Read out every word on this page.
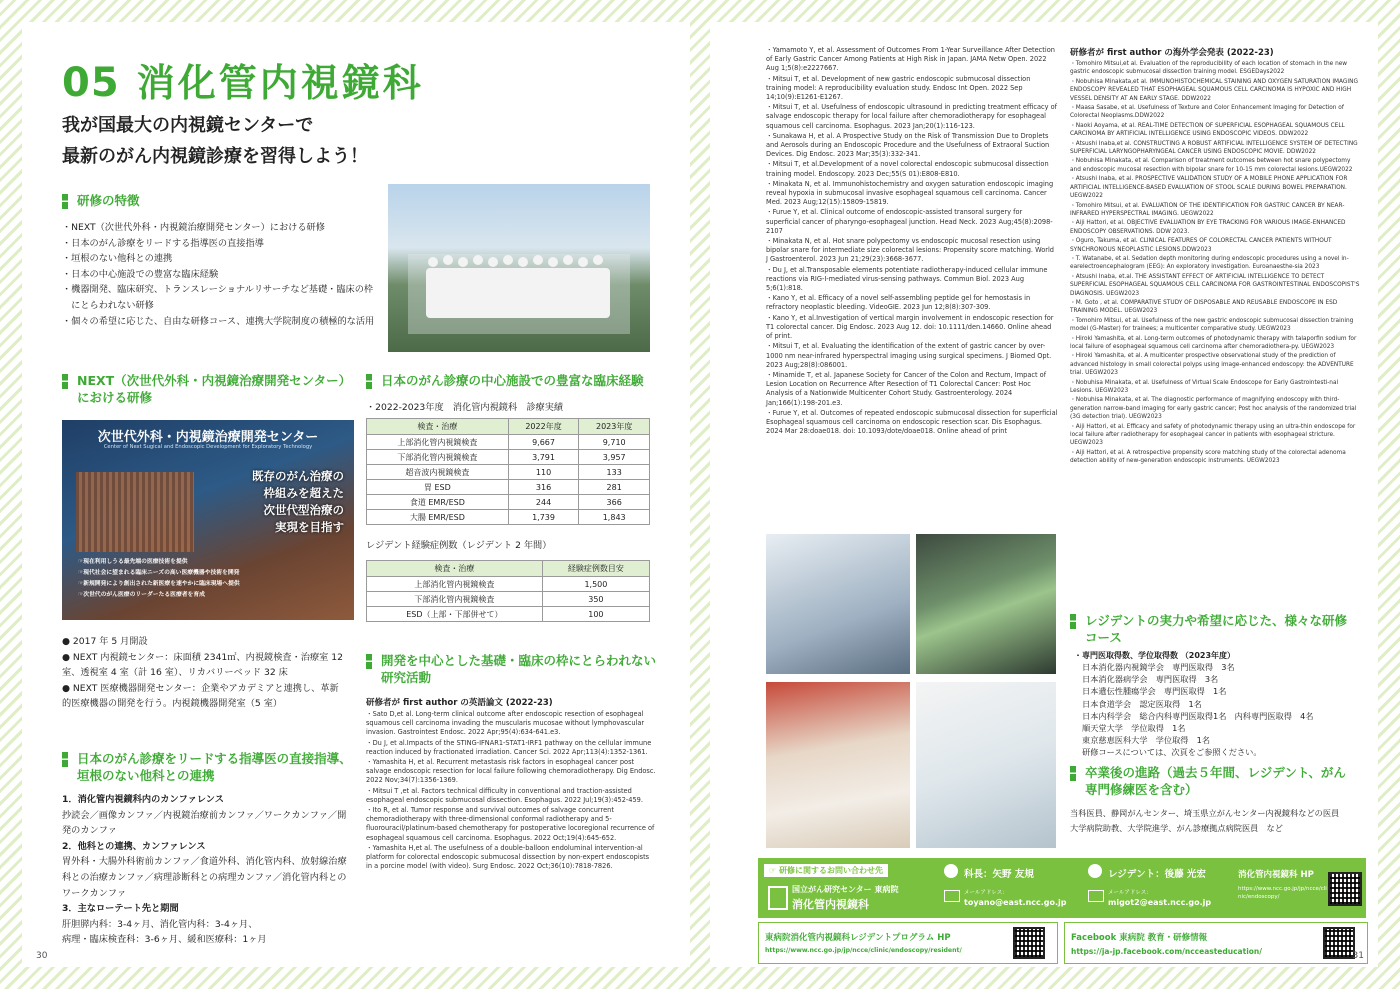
05 消化管内視鏡科
我が国最大の内視鏡センターで
最新のがん内視鏡診療を習得しよう！
研修の特徴
・NEXT（次世代外科・内視鏡治療開発センター）における研修
・日本のがん診療をリードする指導医の直接指導
・垣根のない他科との連携
・日本の中心施設での豊富な臨床経験
・機器開発、臨床研究、トランスレーショナルリサーチなど基礎・臨床の枠
　にとらわれない研修
・個々の希望に応じた、自由な研修コース、連携大学院制度の積極的な活用
NEXT（次世代外科・内視鏡治療開発センター）
における研修
次世代外科・内視鏡治療開発センター
Center of Next Sugical and Endoscopic Development for Exploratory Technology
既存のがん治療の
枠組みを超えた
次世代型治療の
実現を目指す
☞現在利用しうる最先端の医療技術を提供
☞現代社会に望まれる臨床ニーズの高い医療機器や技術を開発
☞新規開発により創出された新医療を速やかに臨床現場へ提供
☞次世代のがん医療のリーダーたる医療者を育成
● 2017 年 5 月開設
● NEXT 内視鏡センター：床面積 2341㎡、内視鏡検査・治療室 12
室、透視室 4 室（計 16 室）、リカバリーベッド 32 床
● NEXT 医療機器開発センター：企業やアカデミアと連携し、革新
的医療機器の開発を行う。内視鏡機器開発室（5 室）
日本のがん診療をリードする指導医の直接指導、
垣根のない他科との連携
1．消化管内視鏡科内のカンファレンス
抄読会／画像カンファ／内視鏡治療前カンファ／ワークカンファ／開
発のカンファ
2．他科との連携、カンファレンス
胃外科・大腸外科術前カンファ／食道外科、消化管内科、放射線治療
科との治療カンファ／病理診断科との病理カンファ／消化管内科との
ワークカンファ
3．主なローテート先と期間
肝胆膵内科：3-4ヶ月、消化管内科：3-4ヶ月、
病理・臨床検査科：3-6ヶ月、緩和医療科：1ヶ月
日本のがん診療の中心施設での豊富な臨床経験
・2022-2023年度　消化管内視鏡科　診療実績
検査・治療	2022年度	2023年度
上部消化管内視鏡検査	9,667	9,710
下部消化管内視鏡検査	3,791	3,957
超音波内視鏡検査	110	133
胃 ESD	316	281
食道 EMR/ESD	244	366
大腸 EMR/ESD	1,739	1,843
レジデント経験症例数（レジデント 2 年間）
検査・治療	経験症例数目安
上部消化管内視鏡検査	1,500
下部消化管内視鏡検査	350
ESD（上部・下部併せて）	100
開発を中心とした基礎・臨床の枠にとらわれない
研究活動
研修者が first author の英語論文 (2022-23)
・Sato D,et al. Long-term clinical outcome after endoscopic resection of esophageal squamous cell carcinoma invading the muscularis mucosae without lymphovascular invasion. Gastrointest Endosc. 2022 Apr;95(4):634-641.e3.
・Du J, et al.Impacts of the STING-IFNAR1-STAT1-IRF1 pathway on the cellular immune reaction induced by fractionated irradiation. Cancer Sci. 2022 Apr;113(4):1352-1361.
・Yamashita H, et al. Recurrent metastasis risk factors in esophageal cancer post salvage endoscopic resection for local failure following chemoradiotherapy. Dig Endosc. 2022 Nov;34(7):1356-1369.
・Mitsui T ,et al. Factors technical difficulty in conventional and traction-assisted esophageal endoscopic submucosal dissection. Esophagus. 2022 Jul;19(3):452-459.
・Ito R, et al. Tumor response and survival outcomes of salvage concurrent chemoradiotherapy with three-dimensional conformal radiotherapy and 5-fluorouracil/platinum-based chemotherapy for postoperative locoregional recurrence of esophageal squamous cell carcinoma. Esophagus. 2022 Oct;19(4):645-652.
・Yamashita H,et al. The usefulness of a double-balloon endoluminal intervention-al platform for colorectal endoscopic submucosal dissection by non-expert endoscopists in a porcine model (with video). Surg Endosc. 2022 Oct;36(10):7818-7826.
30
・Yamamoto Y, et al. Assessment of Outcomes From 1-Year Surveillance After Detection of Early Gastric Cancer Among Patients at High Risk in Japan. JAMA Netw Open. 2022 Aug 1;5(8):e2227667.
・Mitsui T, et al. Development of new gastric endoscopic submucosal dissection training model: A reproducibility evaluation study. Endosc Int Open. 2022 Sep 14;10(9):E1261-E1267.
・Mitsui T, et al. Usefulness of endoscopic ultrasound in predicting treatment efficacy of salvage endoscopic therapy for local failure after chemoradiotherapy for esophageal squamous cell carcinoma. Esophagus. 2023 Jan;20(1):116-123.
・Sunakawa H, et al. A Prospective Study on the Risk of Transmission Due to Droplets and Aerosols during an Endoscopic Procedure and the Usefulness of Extraoral Suction Devices. Dig Endosc. 2023 Mar;35(3):332-341.
・Mitsui T, et al.Development of a novel colorectal endoscopic submucosal dissection training model. Endoscopy. 2023 Dec;55(S 01):E808-E810.
・Minakata N, et al. Immunohistochemistry and oxygen saturation endoscopic imaging reveal hypoxia in submucosal invasive esophageal squamous cell carcinoma. Cancer Med. 2023 Aug;12(15):15809-15819.
・Furue Y, et al. Clinical outcome of endoscopic-assisted transoral surgery for superficial cancer of pharyngo-esophageal junction. Head Neck. 2023 Aug;45(8):2098-2107
・Minakata N, et al. Hot snare polypectomy vs endoscopic mucosal resection using bipolar snare for intermediate size colorectal lesions: Propensity score matching. World J Gastroenterol. 2023 Jun 21;29(23):3668-3677.
・Du J, et al.Transposable elements potentiate radiotherapy-induced cellular immune reactions via RIG-I-mediated virus-sensing pathways. Commun Biol. 2023 Aug 5;6(1):818.
・Kano Y, et al. Efficacy of a novel self-assembling peptide gel for hemostasis in refractory neoplastic bleeding. VideoGIE. 2023 Jun 12;8(8):307-309.
・Kano Y, et al.Investigation of vertical margin involvement in endoscopic resection for T1 colorectal cancer. Dig Endosc. 2023 Aug 12. doi: 10.1111/den.14660. Online ahead of print.
・Mitsui T, et al. Evaluating the identification of the extent of gastric cancer by over-1000 nm near-infrared hyperspectral imaging using surgical specimens. J Biomed Opt. 2023 Aug;28(8):086001.
・Minamide T, et al. Japanese Society for Cancer of the Colon and Rectum, Impact of Lesion Location on Recurrence After Resection of T1 Colorectal Cancer: Post Hoc Analysis of a Nationwide Multicenter Cohort Study. Gastroenterology. 2024 Jan;166(1):198-201.e3.
・Furue Y, et al. Outcomes of repeated endoscopic submucosal dissection for superficial Esophageal squamous cell carcinoma on endoscopic resection scar. Dis Esophagus. 2024 Mar 28:doae018. doi: 10.1093/dote/doae018. Online ahead of print
研修者が first author の海外学会発表 (2022-23)
・Tomohiro Mitsui,et al. Evaluation of the reproducibility of each location of stomach in the new gastric endoscopic submucosal dissection training model. ESGEDays2022
・Nobuhisa Minakata,et al. IMMUNOHISTOCHEMICAL STAINING AND OXYGEN SATURATION IMAGING ENDOSCOPY REVEALED THAT ESOPHAGEAL SQUAMOUS CELL CARCINOMA IS HYPOXIC AND HIGH VESSEL DENSITY AT AN EARLY STAGE. DDW2022
・Maasa Sasabe, et al. Usefulness of Texture and Color Enhancement Imaging for Detection of Colorectal Neoplasms.DDW2022
・Naoki Aoyama, et al. REAL-TIME DETECTION OF SUPERFICIAL ESOPHAGEAL SQUAMOUS CELL CARCINOMA BY ARTIFICIAL INTELLIGENCE USING ENDOSCOPIC VIDEOS. DDW2022
・Atsushi Inaba,et al. CONSTRUCTING A ROBUST ARTIFICIAL INTELLIGENCE SYSTEM OF DETECTING SUPERFICIAL LARYNGOPHARYNGEAL CANCER USING ENDOSCOPIC MOVIE. DDW2022
・Nobuhisa Minakata, et al. Comparison of treatment outcomes between hot snare polypectomy and endoscopic mucosal resection with bipolar snare for 10-15 mm colorectal lesions.UEGW2022
・Atsushi Inaba, et al. PROSPECTIVE VALIDATION STUDY OF A MOBILE PHONE APPLICATION FOR ARTIFICIAL INTELLIGENCE-BASED EVALUATION OF STOOL SCALE DURING BOWEL PREPARATION. UEGW2022
・Tomohiro Mitsui, et al. EVALUATION OF THE IDENTIFICATION FOR GASTRIC CANCER BY NEAR-INFRARED HYPERSPECTRAL IMAGING. UEGW2022
・Aiji Hattori, et al. OBJECTIVE EVALUATION BY EYE TRACKING FOR VARIOUS IMAGE-ENHANCED ENDOSCOPY OBSERVATIONS. DDW 2023.
・Oguro, Takuma, et al. CLINICAL FEATURES OF COLORECTAL CANCER PATIENTS WITHOUT SYNCHRONOUS NEOPLASTIC LESIONS.DDW2023
・T. Watanabe, et al. Sedation depth monitoring during endoscopic procedures using a novel in-earelectroencephalogram (EEG): An exploratory investigation. Euroanaesthe-sia 2023
・Atsushi Inaba, et.al. THE ASSISTANT EFFECT OF ARTIFICIAL INTELLIGENCE TO DETECT SUPERFICIAL ESOPHAGEAL SQUAMOUS CELL CARCINOMA FOR GASTROINTESTINAL ENDOSCOPIST'S DIAGNOSIS. UEGW2023
・M. Goto , et al. COMPARATIVE STUDY OF DISPOSABLE AND REUSABLE ENDOSCOPE IN ESD TRAINING MODEL. UEGW2023
・Tomohiro Mitsui, et al. Usefulness of the new gastric endoscopic submucosal dissection training model (G-Master) for trainees; a multicenter comparative study. UEGW2023
・Hiroki Yamashita, et al. Long-term outcomes of photodynamic therapy with talaporfin sodium for local failure of esophageal squamous cell carcinoma after chemoradiothera-py. UEGW2023
・Hiroki Yamashita, et al. A multicenter prospective observational study of the prediction of advanced histology in small colorectal polyps using image-enhanced endoscopy: the ADVENTURE trial. UEGW2023
・Nobuhisa Minakata, et al. Usefulness of Virtual Scale Endoscope for Early Gastrointesti-nal Lesions. UEGW2023
・Nobuhisa Minakata, et al. The diagnostic performance of magnifying endoscopy with third-generation narrow-band imaging for early gastric cancer; Post hoc analysis of the randomized trial (3G detection trial). UEGW2023
・Aiji Hattori, et al. Efficacy and safety of photodynamic therapy using an ultra-thin endoscope for local failure after radiotherapy for esophageal cancer in patients with esophageal stricture. UEGW2023
・Aiji Hattori, et al. A retrospective propensity score matching study of the colorectal adenoma detection ability of new-generation endoscopic instruments. UEGW2023
レジデントの実力や希望に応じた、様々な研修
コース
・専門医取得数、学位取得数 （2023年度）
日本消化器内視鏡学会　専門医取得　3名
日本消化器病学会　専門医取得　3名
日本遺伝性腫瘍学会　専門医取得　1名
日本食道学会　認定医取得　1名
日本内科学会　総合内科専門医取得1名　内科専門医取得　4名
順天堂大学　学位取得　1名
東京慈恵医科大学　学位取得　1名
研修コースについては、次頁をご参照ください。
卒業後の進路（過去５年間、レジデント、がん
専門修練医を含む）
当科医員、静岡がんセンター、埼玉県立がんセンター内視鏡科などの医員
大学病院助教、大学院進学、がん診療拠点病院医員　など
☞ 研修に関するお問い合わせ先
国立がん研究センター 東病院
消化管内視鏡科
科長：矢野 友規
メールアドレス：
toyano@east.ncc.go.jp
レジデント：後藤 光宏
メールアドレス：
migot2@east.ncc.go.jp
消化管内視鏡科 HP
https://www.ncc.go.jp/jp/ncce/clinic/endoscopy/
東病院消化管内視鏡科レジデントプログラム HP
https://www.ncc.go.jp/jp/ncce/clinic/endoscopy/resident/
Facebook 東病院 教育・研修情報
https://ja-jp.facebook.com/ncceasteducation/	31
